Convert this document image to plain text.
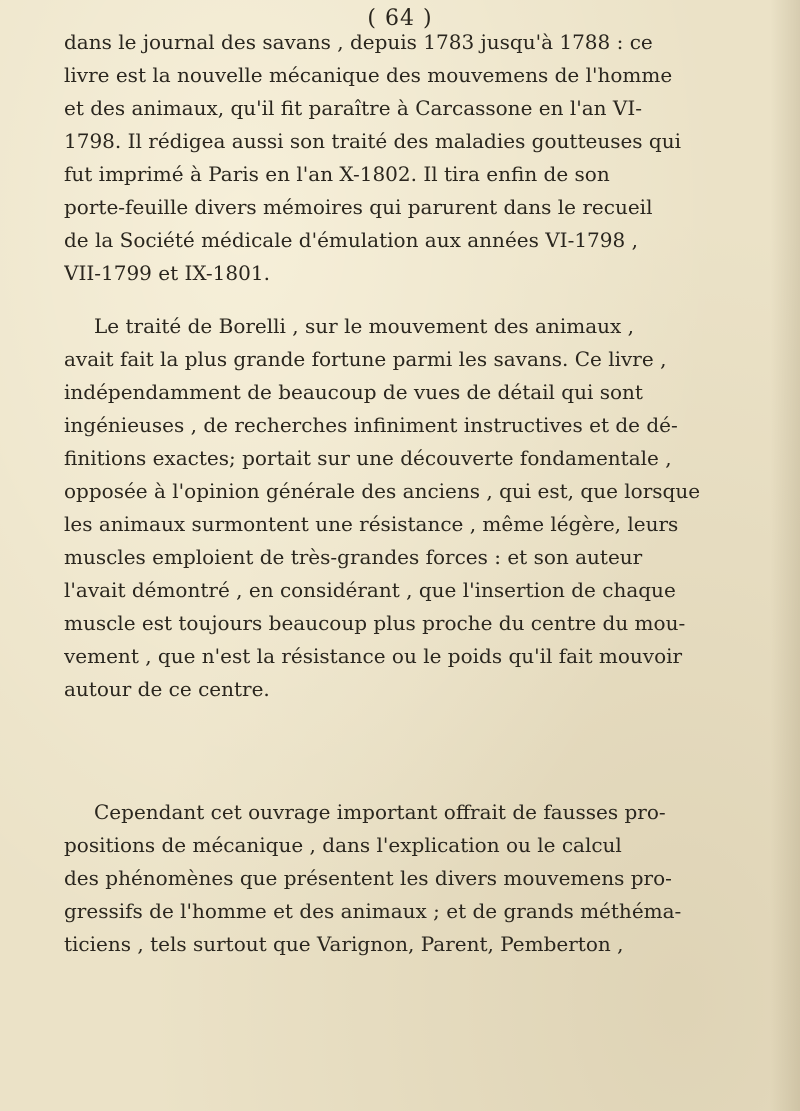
( 64 )
dans le journal des savans , depuis 1783 jusqu'à 1788 : ce
livre est la nouvelle mécanique des mouvemens de l'homme
et des animaux, qu'il fit paraître à Carcassone en l'an VI-
1798. Il rédigea aussi son traité des maladies goutteuses qui
fut imprimé à Paris en l'an X-1802. Il tira enfin de son
porte-feuille divers mémoires qui parurent dans le recueil
de la Société médicale d'émulation aux années VI-1798 ,
VII-1799 et IX-1801.
Le traité de Borelli , sur le mouvement des animaux ,
avait fait la plus grande fortune parmi les savans. Ce livre ,
indépendamment de beaucoup de vues de détail qui sont
ingénieuses , de recherches infiniment instructives et de dé-
finitions exactes; portait sur une découverte fondamentale ,
opposée à l'opinion générale des anciens , qui est, que lorsque
les animaux surmontent une résistance , même légère, leurs
muscles emploient de très-grandes forces : et son auteur
l'avait démontré , en considérant , que l'insertion de chaque
muscle est toujours beaucoup plus proche du centre du mou-
vement , que n'est la résistance ou le poids qu'il fait mouvoir
autour de ce centre.
Cependant cet ouvrage important offrait de fausses pro-
positions de mécanique , dans l'explication ou le calcul
des phénomènes que présentent les divers mouvemens pro-
gressifs de l'homme et des animaux ; et de grands méthéma-
ticiens , tels surtout que Varignon, Parent, Pemberton ,
